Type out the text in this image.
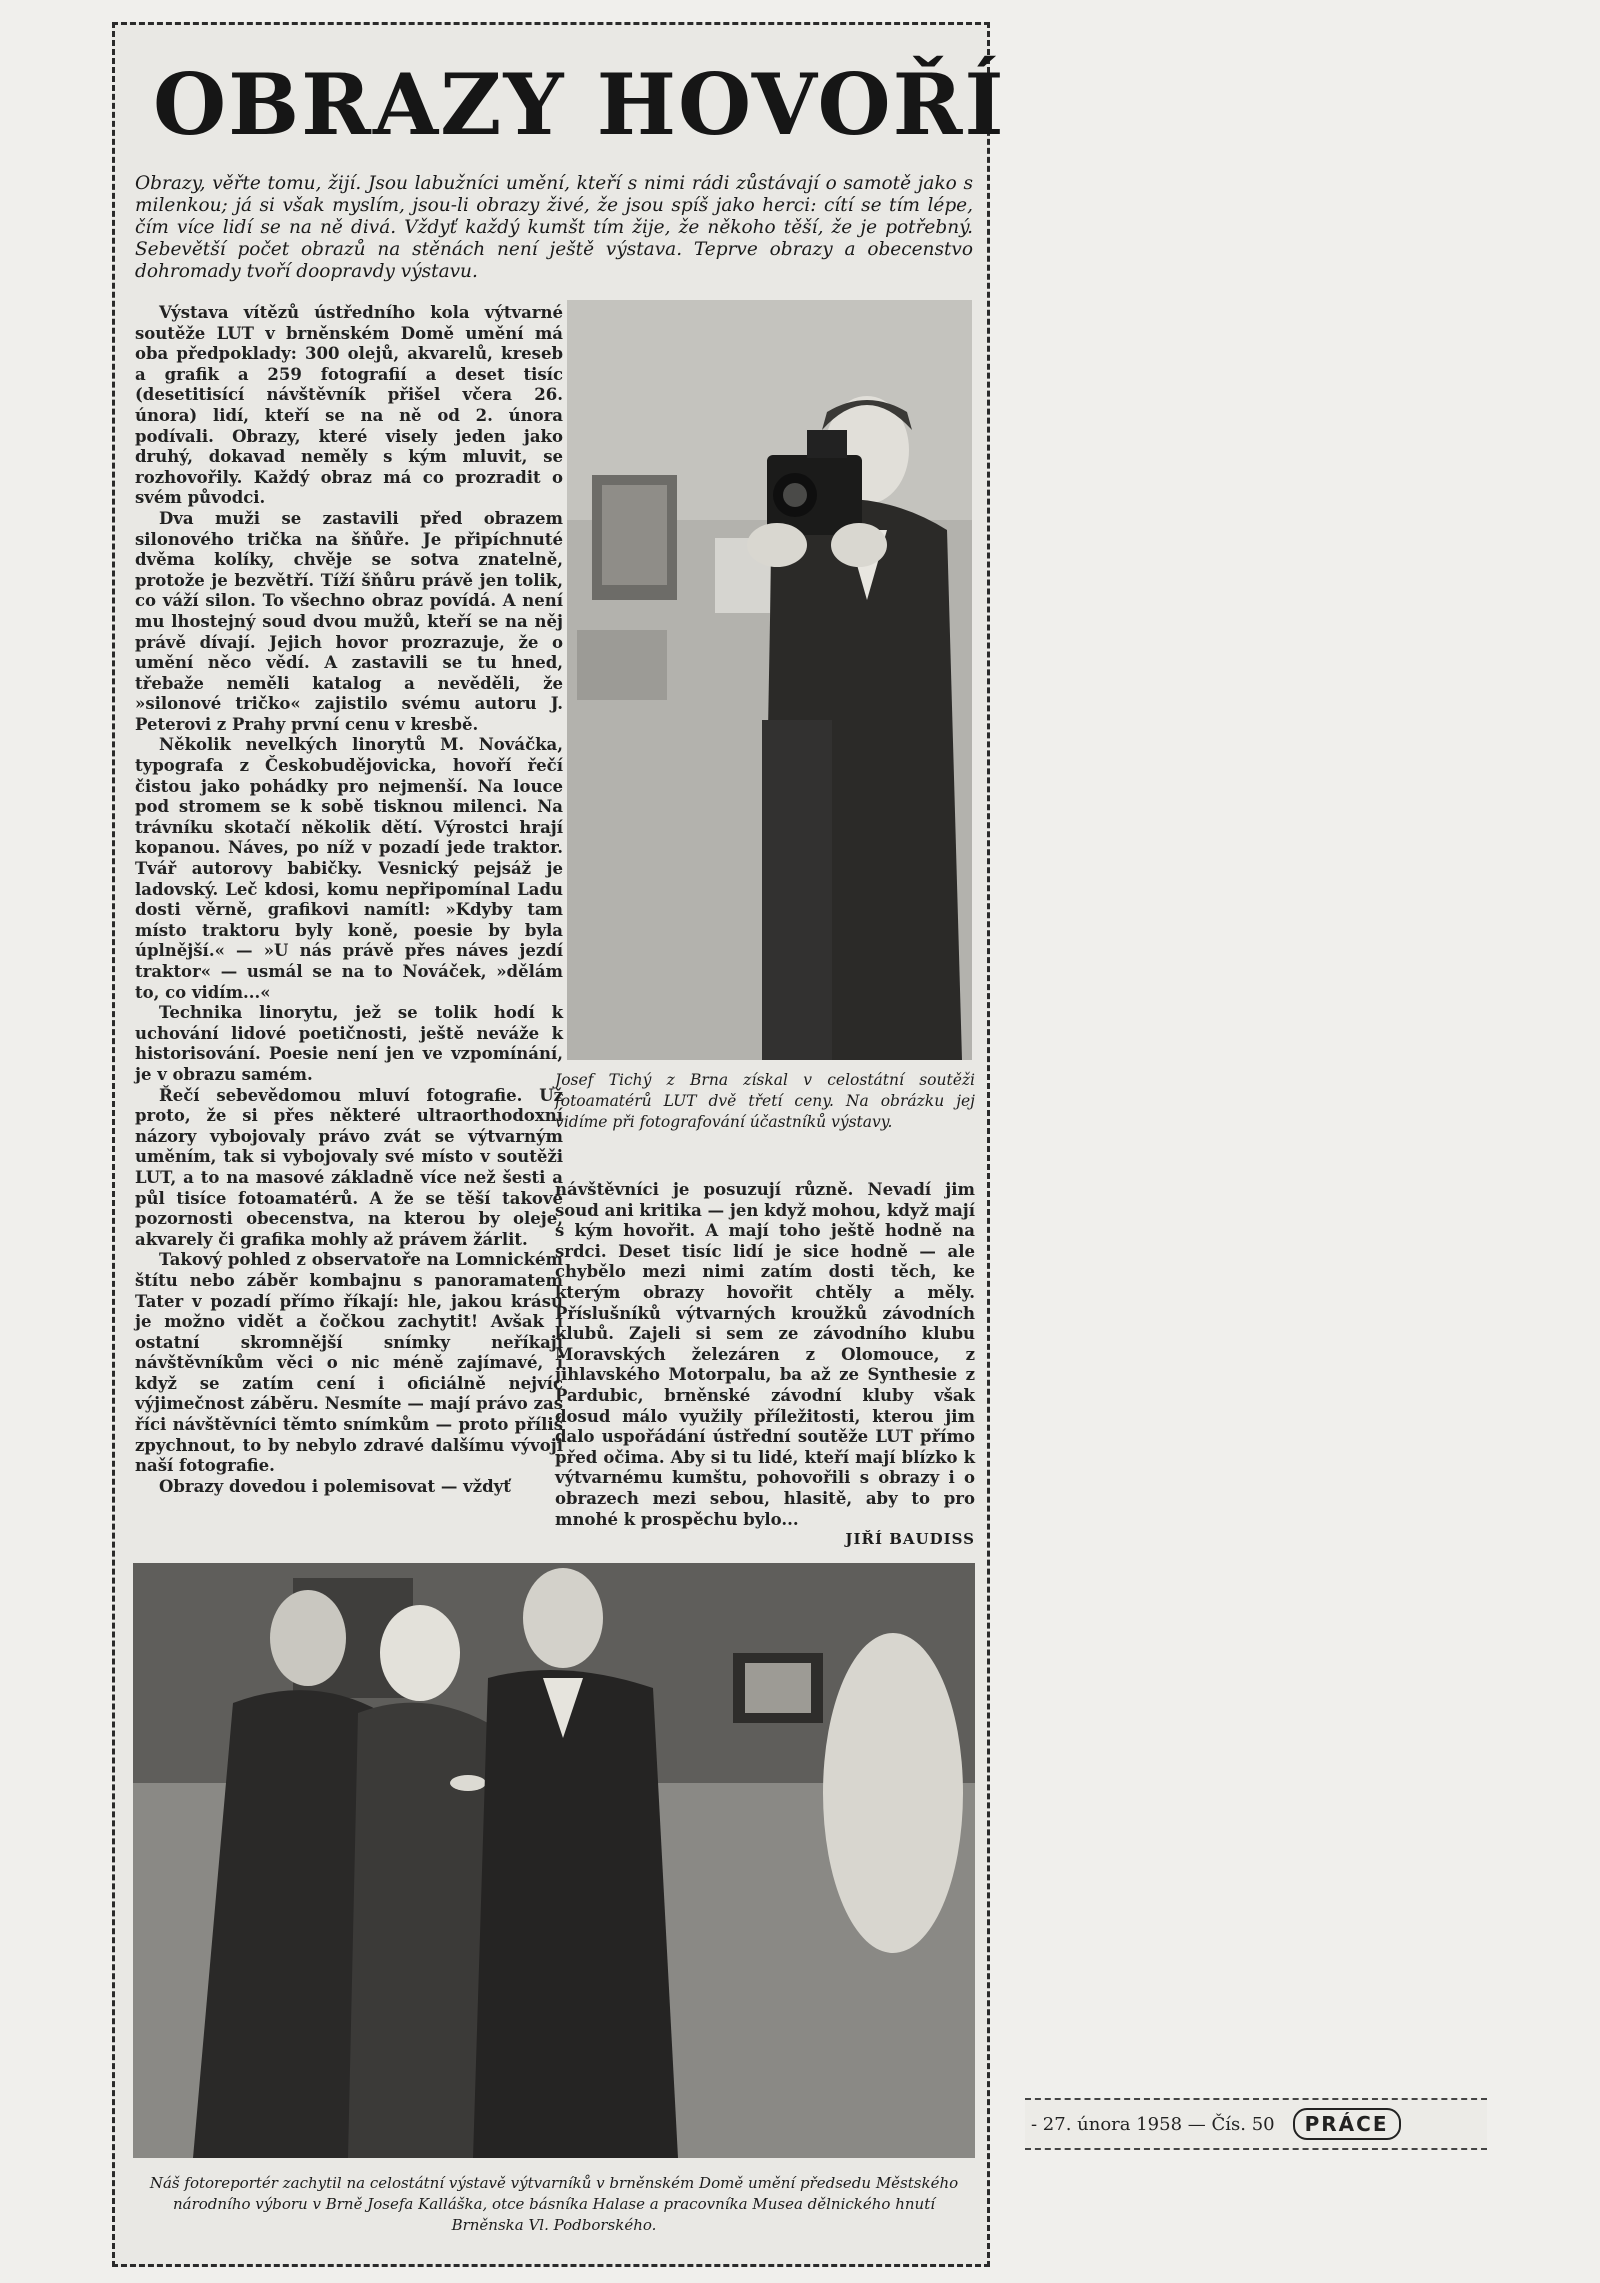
OBRAZY HOVOŘÍ
Obrazy, věřte tomu, žijí. Jsou labužníci umění, kteří s nimi rádi zůstávají o samotě jako s milenkou; já si však myslím, jsou-li obrazy živé, že jsou spíš jako herci: cítí se tím lépe, čím více lidí se na ně divá. Vždyť každý kumšt tím žije, že někoho těší, že je potřebný. Sebevětší počet obrazů na stěnách není ještě výstava. Teprve obrazy a obecenstvo dohromady tvoří doopravdy výstavu.

Výstava vítězů ústředního kola výtvarné soutěže LUT v brněnském Domě umění má oba předpoklady: 300 olejů, akvarelů, kreseb a grafik a 259 fotografií a deset tisíc (desetitisící návštěvník přišel včera 26. února) lidí, kteří se na ně od 2. února podívali. Obrazy, které visely jeden jako druhý, dokavad neměly s kým mluvit, se rozhovořily. Každý obraz má co prozradit o svém původci.

Dva muži se zastavili před obrazem silonového trička na šňůře. Je připíchnuté dvěma kolíky, chvěje se sotva znatelně, protože je bezvětří. Tíží šňůru právě jen tolik, co váží silon. To všechno obraz povídá. A není mu lhostejný soud dvou mužů, kteří se na něj právě dívají. Jejich hovor prozrazuje, že o umění něco vědí. A zastavili se tu hned, třebaže neměli katalog a nevěděli, že »silonové tričko« zajistilo svému autoru J. Peterovi z Prahy první cenu v kresbě.

Několik nevelkých linorytů M. Nováčka, typografa z Českobudějovicka, hovoří řečí čistou jako pohádky pro nejmenší. Na louce pod stromem se k sobě tisknou milenci. Na trávníku skotačí několik dětí. Výrostci hrají kopanou. Náves, po níž v pozadí jede traktor. Tvář autorovy babičky. Vesnický pejsáž je ladovský. Leč kdosi, komu nepřipomínal Ladu dosti věrně, grafikovi namítl: »Kdyby tam místo traktoru byly koně, poesie by byla úplnější.« — »U nás právě přes náves jezdí traktor« — usmál se na to Nováček, »dělám to, co vidím...«

Technika linorytu, jež se tolik hodí k uchování lidové poetičnosti, ještě neváže k historisování. Poesie není jen ve vzpomínání, je v obrazu samém.

Řečí sebevědomou mluví fotografie. Už proto, že si přes některé ultraorthodoxní názory vybojovaly právo zvát se výtvarným uměním, tak si vybojovaly své místo v soutěži LUT, a to na masové základně více než šesti a půl tisíce fotoamatérů. A že se těší takové pozornosti obecenstva, na kterou by oleje, akvarely či grafika mohly až právem žárlit.

Takový pohled z observatoře na Lomnickém štítu nebo záběr kombajnu s panoramatem Tater v pozadí přímo říkají: hle, jakou krásu je možno vidět a čočkou zachytit! Avšak i ostatní skromnější snímky neříkají návštěvníkům věci o nic méně zajímavé, i když se zatím cení i oficiálně nejvíc výjimečnost záběru. Nesmíte — mají právo zas říci návštěvníci těmto snímkům — proto příliš zpychnout, to by nebylo zdravé dalšímu vývoji naší fotografie.

Obrazy dovedou i polemisovat — vždyť

Josef Tichý z Brna získal v celostátní soutěži fotoamatérů LUT dvě třetí ceny. Na obrázku jej vidíme při fotografování účastníků výstavy.

návštěvníci je posuzují různě. Nevadí jim soud ani kritika — jen když mohou, když mají s kým hovořit. A mají toho ještě hodně na srdci. Deset tisíc lidí je sice hodně — ale chybělo mezi nimi zatím dosti těch, ke kterým obrazy hovořit chtěly a měly. Příslušníků výtvarných kroužků závodních klubů. Zajeli si sem ze závodního klubu Moravských železáren z Olomouce, z jihlavského Motorpalu, ba až ze Synthesie z Pardubic, brněnské závodní kluby však dosud málo využily příležitosti, kterou jim dalo uspořádání ústřední soutěže LUT přímo před očima. Aby si tu lidé, kteří mají blízko k výtvarnému kumštu, pohovořili s obrazy i o obrazech mezi sebou, hlasitě, aby to pro mnohé k prospěchu bylo...

JIŘÍ BAUDISS
Náš fotoreportér zachytil na celostátní výstavě výtvarníků v brněnském Domě umění předsedu Městského národního výboru v Brně Josefa Kalláška, otce básníka Halase a pracovníka Musea dělnického hnutí Brněnska Vl. Podborského.
- 27. února 1958 — Čís. 50	PRÁCE
